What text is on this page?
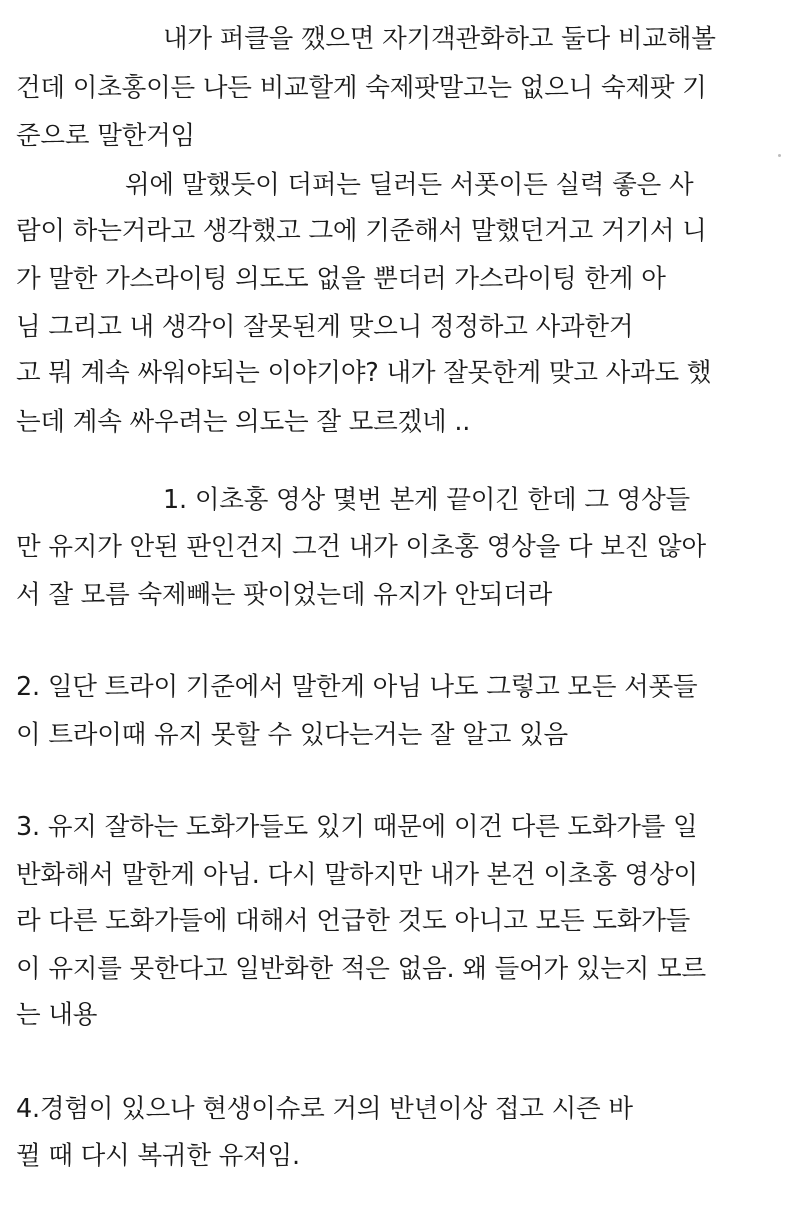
내가 퍼클을 깼으면 자기객관화하고 둘다 비교해볼
건데 이초홍이든 나든 비교할게 숙제팟말고는 없으니 숙제팟 기
준으로 말한거임
위에 말했듯이 더퍼는 딜러든 서폿이든 실력 좋은 사
람이 하는거라고 생각했고 그에 기준해서 말했던거고 거기서 니
가 말한 가스라이팅 의도도 없을 뿐더러 가스라이팅 한게 아
님 그리고 내 생각이 잘못된게 맞으니 정정하고 사과한거
고 뭐 계속 싸워야되는 이야기야? 내가 잘못한게 맞고 사과도 했
는데 계속 싸우려는 의도는 잘 모르겠네 ..
1. 이초홍 영상 몇번 본게 끝이긴 한데 그 영상들
만 유지가 안된 판인건지 그건 내가 이초홍 영상을 다 보진 않아
서 잘 모름 숙제빼는 팟이었는데 유지가 안되더라
2. 일단 트라이 기준에서 말한게 아님 나도 그렇고 모든 서폿들
이 트라이때 유지 못할 수 있다는거는 잘 알고 있음
3. 유지 잘하는 도화가들도 있기 때문에 이건 다른 도화가를 일
반화해서 말한게 아님. 다시 말하지만 내가 본건 이초홍 영상이
라 다른 도화가들에 대해서 언급한 것도 아니고 모든 도화가들
이 유지를 못한다고 일반화한 적은 없음. 왜 들어가 있는지 모르
는 내용
4.경험이 있으나 현생이슈로 거의 반년이상 접고 시즌 바
뀔 때 다시 복귀한 유저임.
